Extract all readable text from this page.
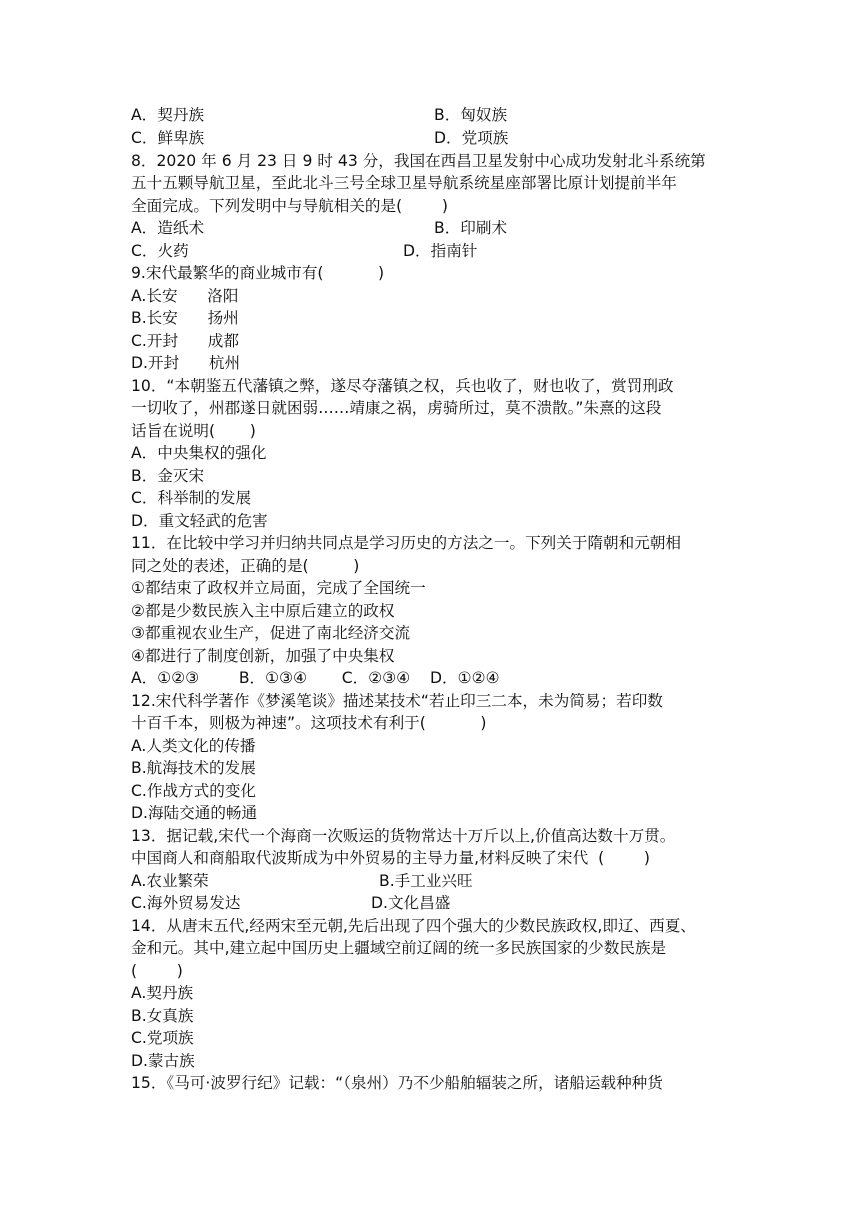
A．契丹族	B．匈奴族
C．鲜卑族	D．党项族
8．2020 年 6 月 23 日 9 时 43 分，我国在西昌卫星发射中心成功发射北斗系统第
五十五颗导航卫星，至此北斗三号全球卫星导航系统星座部署比原计划提前半年
全面完成。下列发明中与导航相关的是(        )
A．造纸术	B．印刷术
C．火药	D．指南针
9.宋代最繁华的商业城市有(           )
A.长安      洛阳
B.长安      扬州
C.开封      成都
D.开封      杭州
10．“本朝鉴五代藩镇之弊，遂尽夺藩镇之权，兵也收了，财也收了，赏罚刑政
一切收了，州郡遂日就困弱……靖康之祸，虏骑所过，莫不溃散。”朱熹的这段
话旨在说明(       )
A．中央集权的强化
B．金灭宋
C．科举制的发展
D．重文轻武的危害
11．在比较中学习并归纳共同点是学习历史的方法之一。下列关于隋朝和元朝相
同之处的表述，正确的是(         )
①都结束了政权并立局面，完成了全国统一
②都是少数民族入主中原后建立的政权
③都重视农业生产，促进了南北经济交流
④都进行了制度创新，加强了中央集权
A．①②③        B．①③④       C．②③④    D．①②④
12.宋代科学著作《梦溪笔谈》描述某技术“若止印三二本，未为简易；若印数
十百千本，则极为神速”。这项技术有利于(           )
A.人类文化的传播
B.航海技术的发展
C.作战方式的变化
D.海陆交通的畅通
13．据记载,宋代一个海商一次贩运的货物常达十万斤以上,价值高达数十万贯。
中国商人和商船取代波斯成为中外贸易的主导力量,材料反映了宋代  (        )
A.农业繁荣	B.手工业兴旺
C.海外贸易发达	D.文化昌盛
14．从唐末五代,经两宋至元朝,先后出现了四个强大的少数民族政权,即辽、西夏、
金和元。其中,建立起中国历史上疆域空前辽阔的统一多民族国家的少数民族是
(        )
A.契丹族
B.女真族
C.党项族
D.蒙古族
15．《马可·波罗行纪》记载：“（泉州）乃不少船舶辐装之所，诸船运载种种货
